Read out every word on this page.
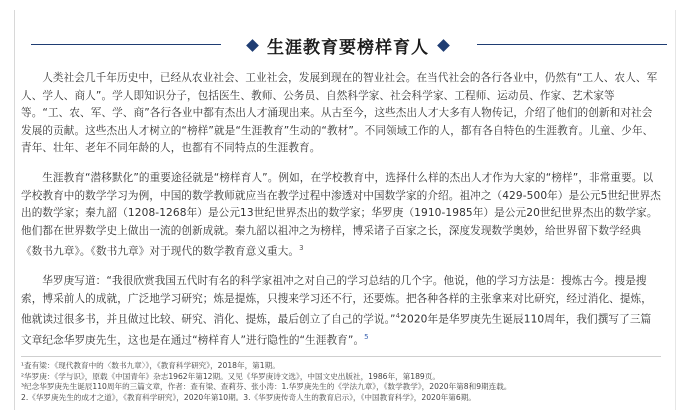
生涯教育要榜样育人

人类社会几千年历史中，已经从农业社会、工业社会，发展到现在的智业社会。在当代社会的各行各业中，仍然有“工人、农人、军人、学人、商人”。学人即知识分子，包括医生、教师、公务员、自然科学家、社会科学家、工程师、运动员、作家、艺术家等等。“工、农、军、学、商”各行各业中都有杰出人才涌现出来。从古至今，这些杰出人才大多有人物传记，介绍了他们的创新和对社会发展的贡献。这些杰出人才树立的“榜样”就是“生涯教育”生动的“教材”。不同领域工作的人，都有各自特色的生涯教育。儿童、少年、青年、壮年、老年不同年龄的人，也都有不同特点的生涯教育。

生涯教育“潜移默化”的重要途径就是“榜样育人”。例如，在学校教育中，选择什么样的杰出人才作为大家的“榜样”，非常重要。以学校教育中的数学学习为例，中国的数学教师就应当在教学过程中渗透对中国数学家的介绍。祖冲之（429-500年）是公元5世纪世界杰出的数学家；秦九韶（1208-1268年）是公元13世纪世界杰出的数学家；华罗庚（1910-1985年）是公元20世纪世界杰出的数学家。他们都在世界数学史上做出一流的创新成就。秦九韶以祖冲之为榜样，博采诸子百家之长，深度发现数学奥妙，给世界留下数学经典《数书九章》。《数书九章》对于现代的数学教育意义重大。$^3$

华罗庚写道：“我很欣赏我国五代时有名的科学家祖冲之对自己的学习总结的几个字。他说，他的学习方法是：搜炼古今。搜是搜索，博采前人的成就，广泛地学习研究；炼是提炼，只搜来学习还不行，还要炼。把各种各样的主张拿来对比研究，经过消化、提炼，他就读过很多书，并且做过比较、研究、消化、提炼，最后创立了自己的学说。”$^4$2020年是华罗庚先生诞辰110周年，我们撰写了三篇文章纪念华罗庚先生，这也是在通过“榜样育人”进行隐性的“生涯教育”。$^5$

¹査有梁：《现代教育中的〈数书九章〉》，《教育科学研究》，2018年，第1期。

²华罗庚：《学与识》，原载《中国青年》杂志1962年第12期。又见《华罗庚诗文选》，中国文史出版社，1986年，第189页。

³纪念华罗庚先生诞辰110周年的三篇文章，作者：查有梁、查莉芬、张小涛：1.华罗庚先生的《学法九章》，《数学教学》，2020年第8和9期连载。

2.《华罗庚先生的成才之道》，《教育科学研究》，2020年第10期。3.《华罗庚传奇人生的教育启示》，《中国教育科学》，2020年第6期。
